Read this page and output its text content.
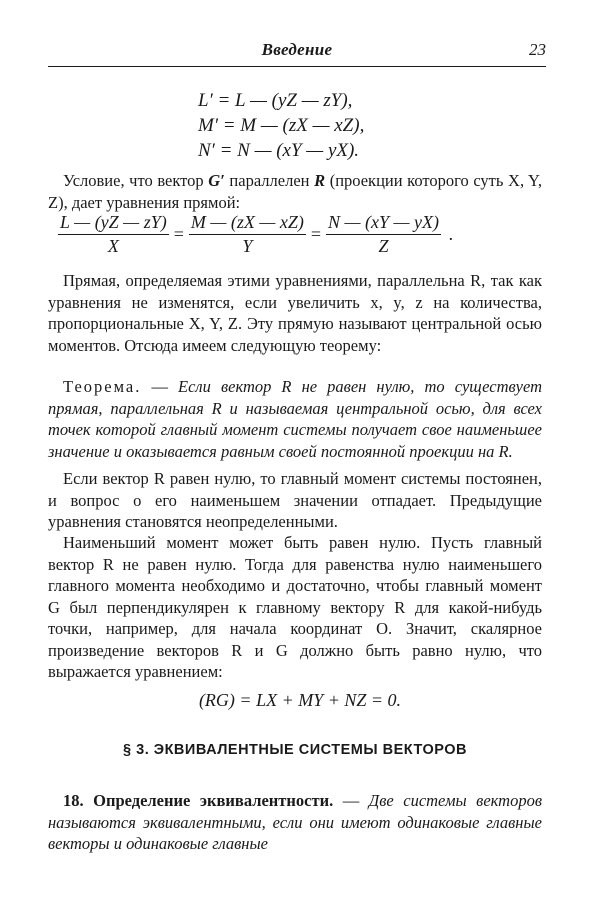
Введение	23
L′ = L — (yZ — zY),
M′ = M — (zX — xZ),
N′ = N — (xY — yX).

Условие, что вектор G′ параллелен R (проекции которого суть X, Y, Z), дает уравнения прямой:

$\frac{L — (yZ — zY)}{X} = \frac{M — (zX — xZ)}{Y} = \frac{N — (xY — yX)}{Z}$ .

Прямая, определяемая этими уравнениями, параллельна R, так как уравнения не изменятся, если увеличить x, y, z на количества, пропорциональные X, Y, Z. Эту прямую называют центральной осью моментов. Отсюда имеем следующую теорему:

Теорема. — Если вектор R не равен нулю, то существует прямая, параллельная R и называемая центральной осью, для всех точек которой главный момент системы получает свое наименьшее значение и оказывается равным своей постоянной проекции на R.

Если вектор R равен нулю, то главный момент системы постоянен, и вопрос о его наименьшем значении отпадает. Предыдущие уравнения становятся неопределенными.

Наименьший момент может быть равен нулю. Пусть главный вектор R не равен нулю. Тогда для равенства нулю наименьшего главного момента необходимо и достаточно, чтобы главный момент G был перпендикулярен к главному вектору R для какой-нибудь точки, например, для начала координат O. Значит, скалярное произведение векторов R и G должно быть равно нулю, что выражается уравнением:

(RG) = LX + MY + NZ = 0.
§ 3. ЭКВИВАЛЕНТНЫЕ СИСТЕМЫ ВЕКТОРОВ

18. Определение эквивалентности. — Две системы векторов называются эквивалентными, если они имеют одинаковые главные векторы и одинаковые главные
